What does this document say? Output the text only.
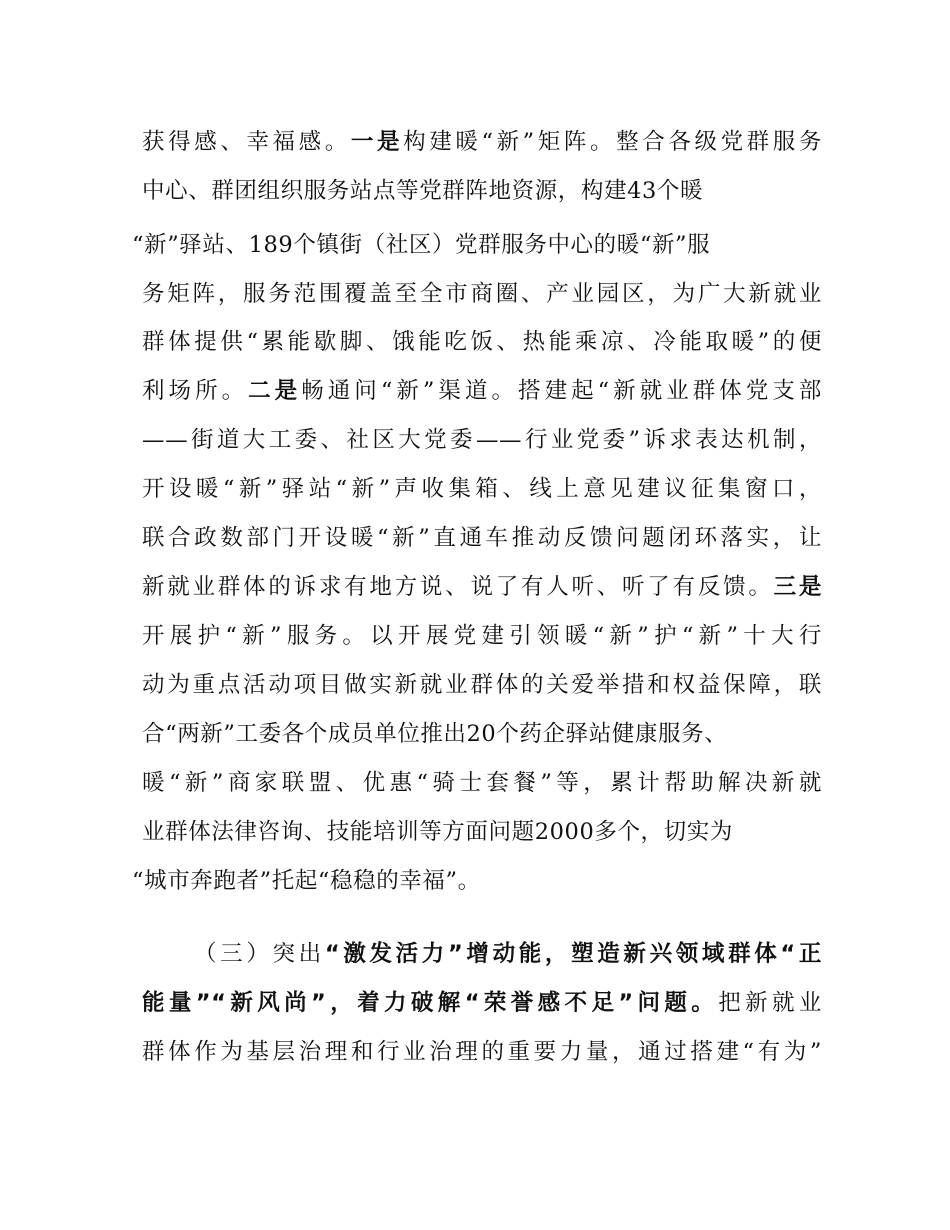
获得感、幸福感。一是构建暖“新”矩阵。整合各级党群服务
中心、群团组织服务站点等党群阵地资源，构建43个暖
“新”驿站、189个镇街（社区）党群服务中心的暖“新”服
务矩阵，服务范围覆盖至全市商圈、产业园区，为广大新就业
群体提供“累能歇脚、饿能吃饭、热能乘凉、冷能取暖”的便
利场所。二是畅通问“新”渠道。搭建起“新就业群体党支部
——街道大工委、社区大党委——行业党委”诉求表达机制，
开设暖“新”驿站“新”声收集箱、线上意见建议征集窗口，
联合政数部门开设暖“新”直通车推动反馈问题闭环落实，让
新就业群体的诉求有地方说、说了有人听、听了有反馈。三是
开展护“新”服务。以开展党建引领暖“新”护“新”十大行
动为重点活动项目做实新就业群体的关爱举措和权益保障，联
合“两新”工委各个成员单位推出20个药企驿站健康服务、
暖“新”商家联盟、优惠“骑士套餐”等，累计帮助解决新就
业群体法律咨询、技能培训等方面问题2000多个，切实为
“城市奔跑者”托起“稳稳的幸福”。
（三）突出“激发活力”增动能，塑造新兴领域群体“正
能量”“新风尚”，着力破解“荣誉感不足”问题。把新就业
群体作为基层治理和行业治理的重要力量，通过搭建“有为”
